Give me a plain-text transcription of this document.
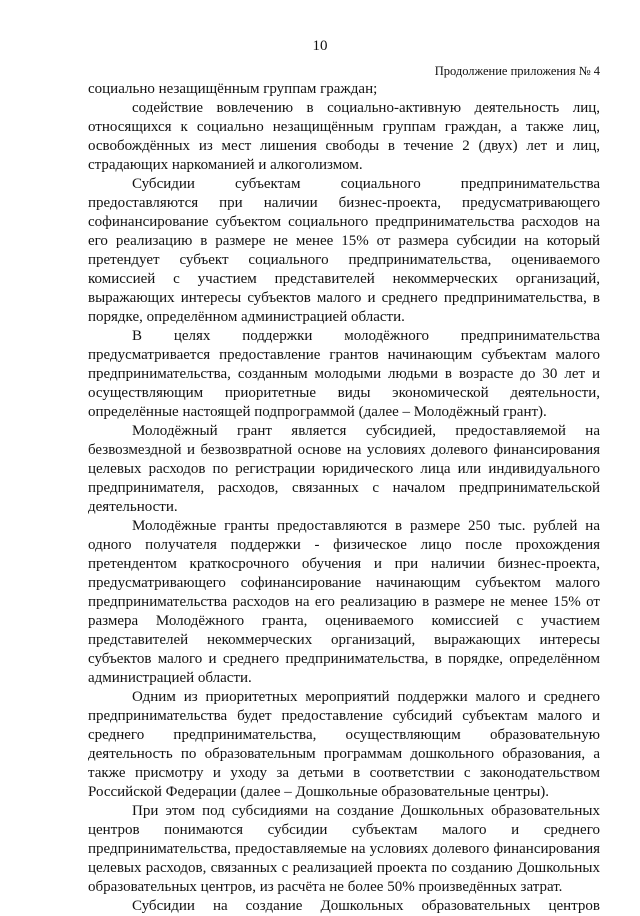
10
Продолжение приложения № 4

социально незащищённым группам граждан;

содействие вовлечению в социально-активную деятельность лиц, относящихся к социально незащищённым группам граждан, а также лиц, освобождённых из мест лишения свободы в течение 2 (двух) лет и лиц, страдающих наркоманией и алкоголизмом.

Субсидии субъектам социального предпринимательства предоставляются при наличии бизнес-проекта, предусматривающего софинансирование субъектом социального предпринимательства расходов на его реализацию в размере не менее 15% от размера субсидии на который претендует субъект социального предпринимательства, оцениваемого комиссией с участием представителей некоммерческих организаций, выражающих интересы субъектов малого и среднего предпринимательства, в порядке, определённом администрацией области.

В целях поддержки молодёжного предпринимательства предусматривается предоставление грантов начинающим субъектам малого предпринимательства, созданным молодыми людьми в возрасте до 30 лет и осуществляющим приоритетные виды экономической деятельности, определённые настоящей подпрограммой (далее – Молодёжный грант).

Молодёжный грант является субсидией, предоставляемой на безвозмездной и безвозвратной основе на условиях долевого финансирования целевых расходов по регистрации юридического лица или индивидуального предпринимателя, расходов, связанных с началом предпринимательской деятельности.

Молодёжные гранты предоставляются в размере 250 тыс. рублей на одного получателя поддержки - физическое лицо после прохождения претендентом краткосрочного обучения и при наличии бизнес-проекта, предусматривающего софинансирование начинающим субъектом малого предпринимательства расходов на его реализацию в размере не менее 15% от размера Молодёжного гранта, оцениваемого комиссией с участием представителей некоммерческих организаций, выражающих интересы субъектов малого и среднего предпринимательства, в порядке, определённом администрацией области.

Одним из приоритетных мероприятий поддержки малого и среднего предпринимательства будет предоставление субсидий субъектам малого и среднего предпринимательства, осуществляющим образовательную деятельность по образовательным программам дошкольного образования, а также присмотру и уходу за детьми в соответствии с законодательством Российской Федерации (далее – Дошкольные образовательные центры).

При этом под субсидиями на создание Дошкольных образовательных центров понимаются субсидии субъектам малого и среднего предпринимательства, предоставляемые на условиях долевого финансирования целевых расходов, связанных с реализацией проекта по созданию Дошкольных образовательных центров, из расчёта не более 50% произведённых затрат.

Субсидии на создание Дошкольных образовательных центров
